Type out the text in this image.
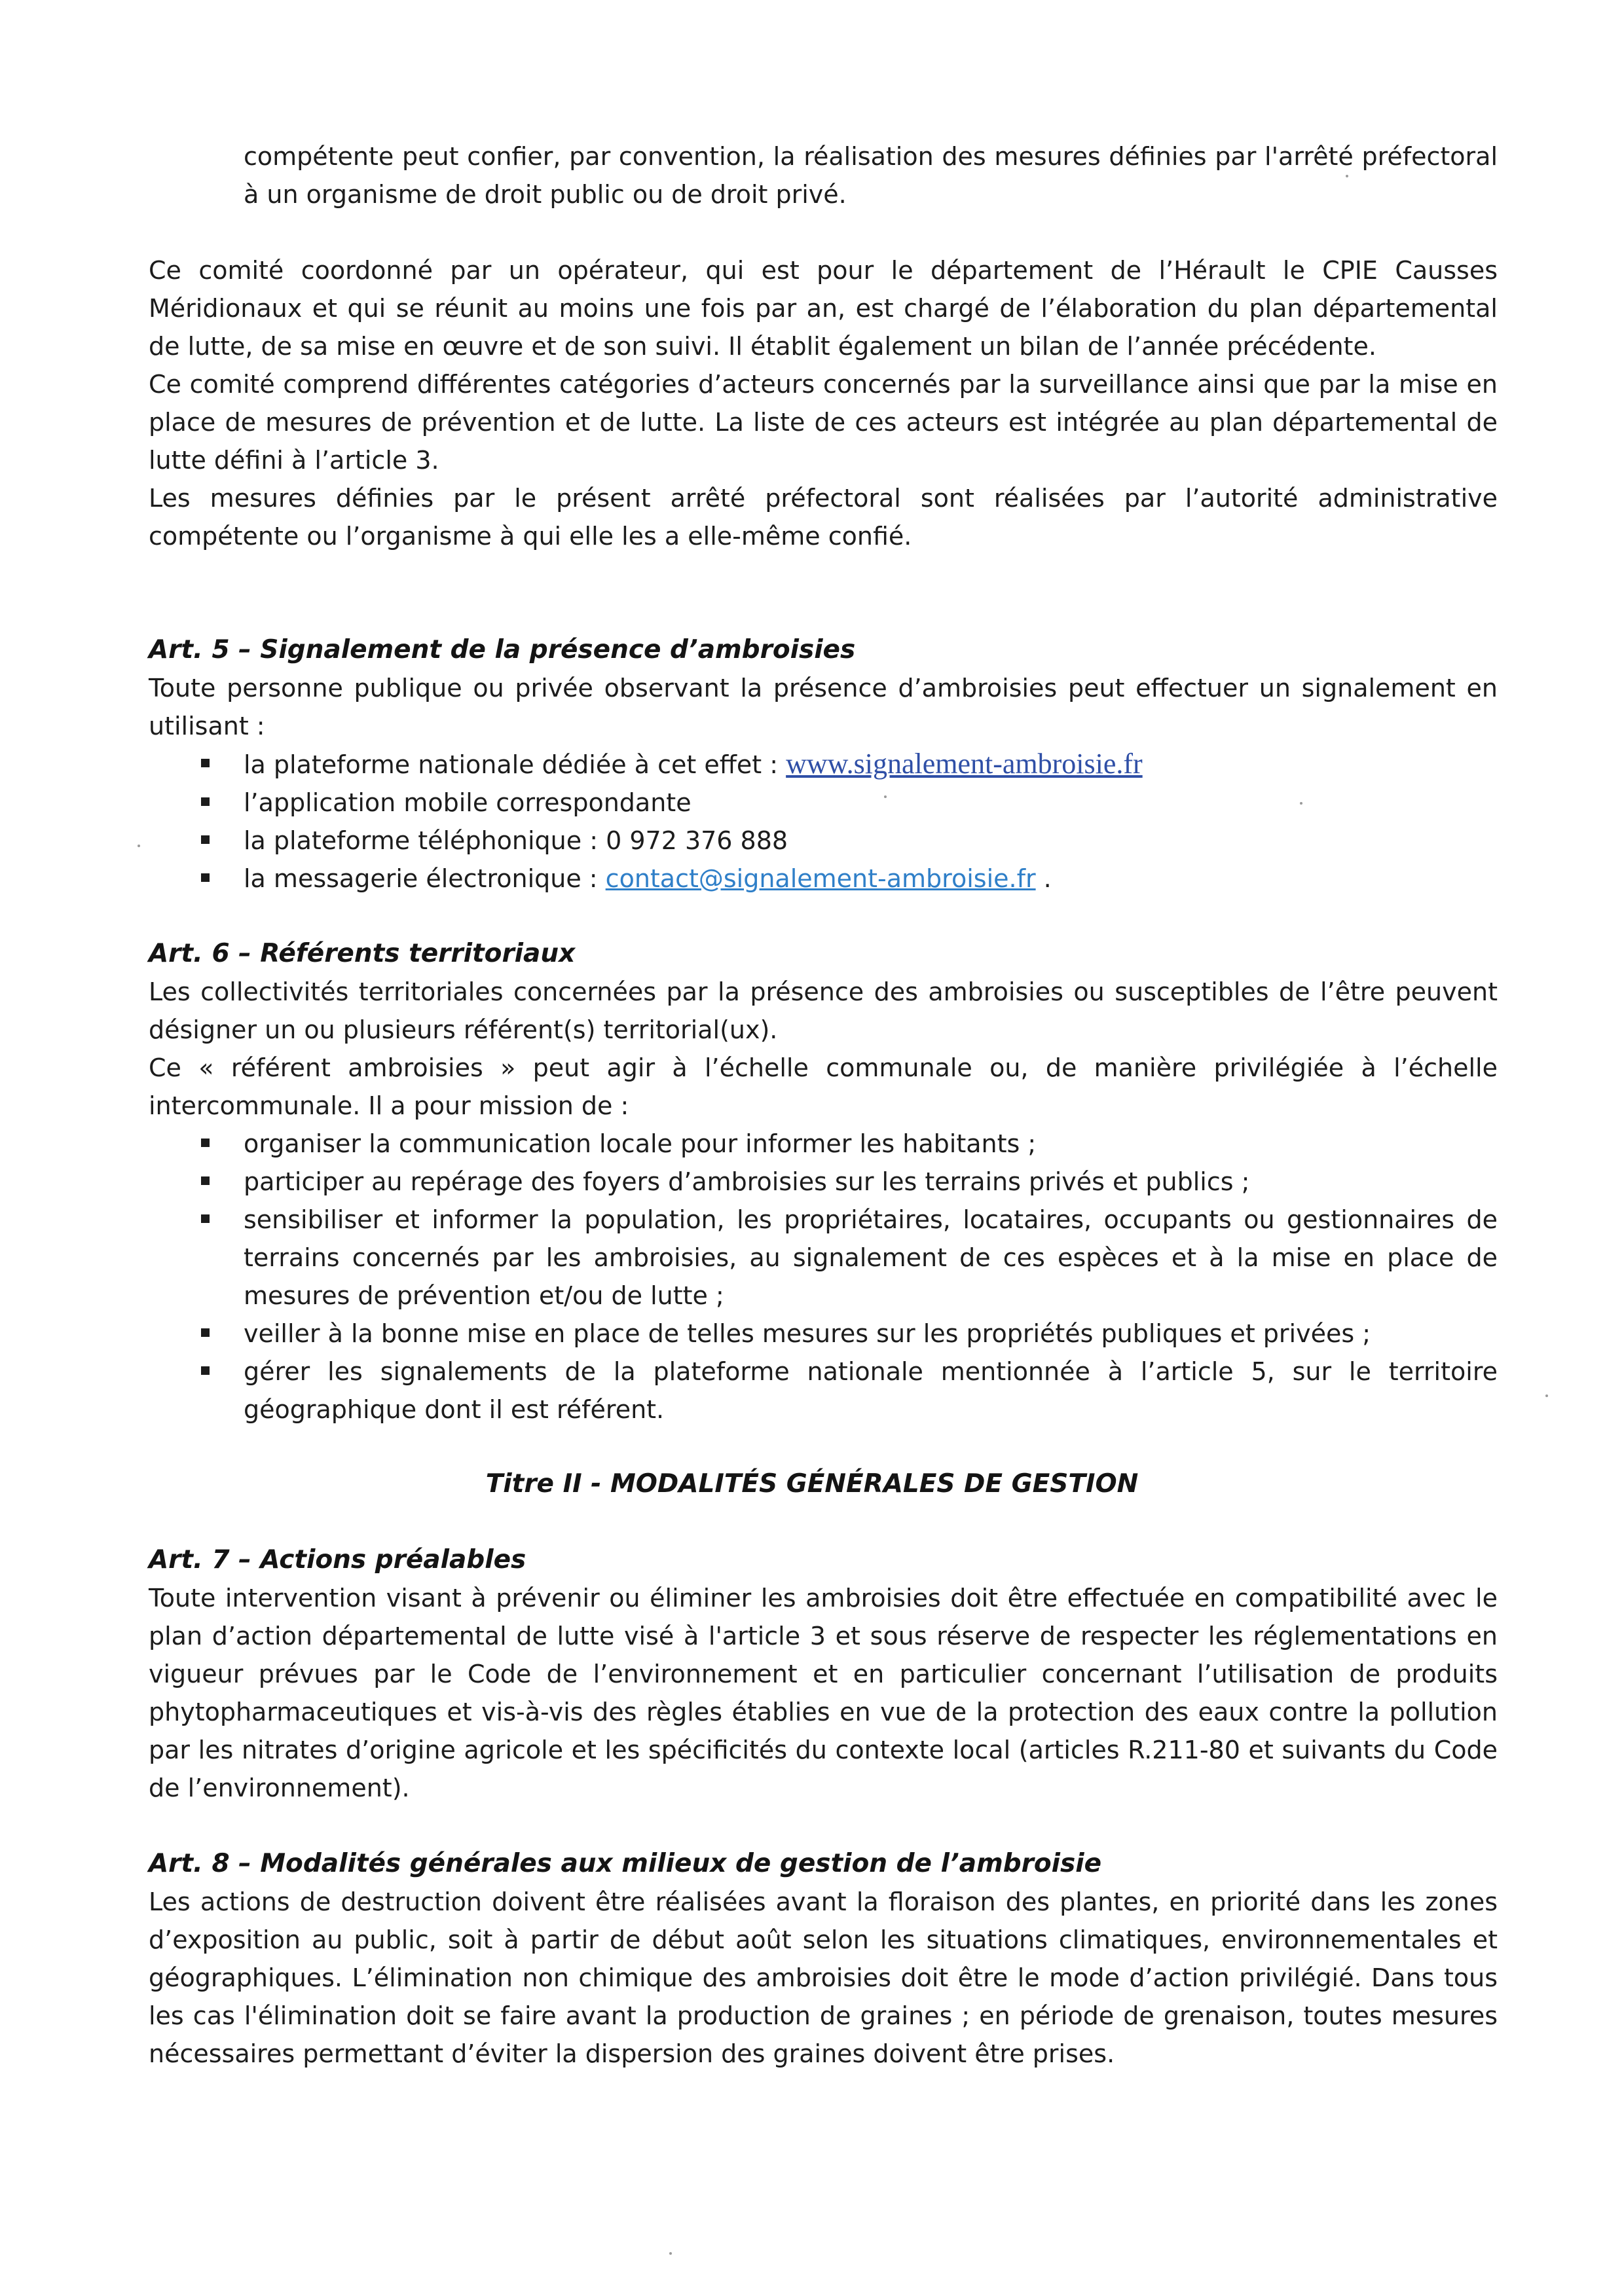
compétente peut confier, par convention, la réalisation des mesures définies par l'arrêté préfectoral à un organisme de droit public ou de droit privé.

Ce comité coordonné par un opérateur, qui est pour le département de l’Hérault le CPIE Causses Méridionaux et qui se réunit au moins une fois par an, est chargé de l’élaboration du plan départemental de lutte, de sa mise en œuvre et de son suivi. Il établit également un bilan de l’année précédente.

Ce comité comprend différentes catégories d’acteurs concernés par la surveillance ainsi que par la mise en place de mesures de prévention et de lutte. La liste de ces acteurs est intégrée au plan départemental de lutte défini à l’article 3.

Les mesures définies par le présent arrêté préfectoral sont réalisées par l’autorité administrative compétente ou l’organisme à qui elle les a elle-même confié.

Art. 5 – Signalement de la présence d’ambroisies

Toute personne publique ou privée observant la présence d’ambroisies peut effectuer un signalement en utilisant :

la plateforme nationale dédiée à cet effet : www.signalement-ambroisie.fr
l’application mobile correspondante
la plateforme téléphonique : 0 972 376 888
la messagerie électronique : contact@signalement-ambroisie.fr .
Art. 6 – Référents territoriaux

Les collectivités territoriales concernées par la présence des ambroisies ou susceptibles de l’être peuvent désigner un ou plusieurs référent(s) territorial(ux).

Ce « référent ambroisies » peut agir à l’échelle communale ou, de manière privilégiée à l’échelle intercommunale. Il a pour mission de :

organiser la communication locale pour informer les habitants ;
participer au repérage des foyers d’ambroisies sur les terrains privés et publics ;
sensibiliser et informer la population, les propriétaires, locataires, occupants ou gestionnaires de terrains concernés par les ambroisies, au signalement de ces espèces et à la mise en place de mesures de prévention et/ou de lutte ;
veiller à la bonne mise en place de telles mesures sur les propriétés publiques et privées ;
gérer les signalements de la plateforme nationale mentionnée à l’article 5, sur le territoire géographique dont il est référent.
Titre II - MODALITÉS GÉNÉRALES DE GESTION
Art. 7 – Actions préalables

Toute intervention visant à prévenir ou éliminer les ambroisies doit être effectuée en compatibilité avec le plan d’action départemental de lutte visé à l'article 3 et sous réserve de respecter les réglementations en vigueur prévues par le Code de l’environnement et en particulier concernant l’utilisation de produits phytopharmaceutiques et vis-à-vis des règles établies en vue de la protection des eaux contre la pollution par les nitrates d’origine agricole et les spécificités du contexte local (articles R.211-80 et suivants du Code de l’environnement).

Art. 8 – Modalités générales aux milieux de gestion de l’ambroisie

Les actions de destruction doivent être réalisées avant la floraison des plantes, en priorité dans les zones d’exposition au public, soit à partir de début août selon les situations climatiques, environnementales et géographiques. L’élimination non chimique des ambroisies doit être le mode d’action privilégié. Dans tous les cas l'élimination doit se faire avant la production de graines ; en période de grenaison, toutes mesures nécessaires permettant d’éviter la dispersion des graines doivent être prises.
